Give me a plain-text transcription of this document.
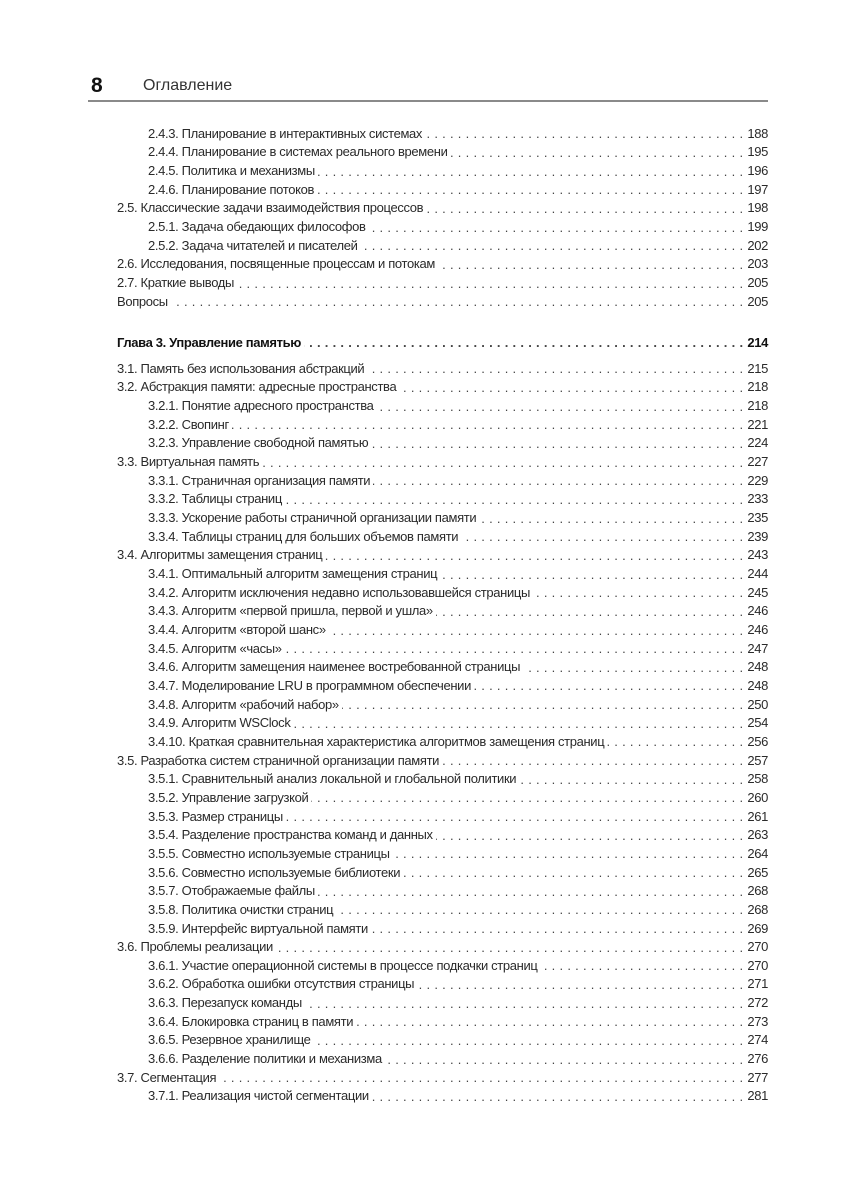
8	Оглавление
2.4.3. Планирование в интерактивных системах . . .	188
2.4.4. Планирование в системах реального времени . . .	195
2.4.5. Политика и механизмы . . .	196
2.4.6. Планирование потоков . . .	197
2.5. Классические задачи взаимодействия процессов . . .	198
2.5.1. Задача обедающих философов . . .	199
2.5.2. Задача читателей и писателей . . .	202
2.6. Исследования, посвященные процессам и потокам . . .	203
2.7. Краткие выводы . . .	205
Вопросы . . .	205
Глава 3. Управление памятью . . .	214
3.1. Память без использования абстракций . . .	215
3.2. Абстракция памяти: адресные пространства . . .	218
3.2.1. Понятие адресного пространства . . .	218
3.2.2. Свопинг . . .	221
3.2.3. Управление свободной памятью . . .	224
3.3. Виртуальная память . . .	227
3.3.1. Страничная организация памяти . . .	229
3.3.2. Таблицы страниц . . .	233
3.3.3. Ускорение работы страничной организации памяти . . .	235
3.3.4. Таблицы страниц для больших объемов памяти . . .	239
3.4. Алгоритмы замещения страниц . . .	243
3.4.1. Оптимальный алгоритм замещения страниц . . .	244
3.4.2. Алгоритм исключения недавно использовавшейся страницы . . .	245
3.4.3. Алгоритм «первой пришла, первой и ушла» . . .	246
3.4.4. Алгоритм «второй шанс» . . .	246
3.4.5. Алгоритм «часы» . . .	247
3.4.6. Алгоритм замещения наименее востребованной страницы . . .	248
3.4.7. Моделирование LRU в программном обеспечении . . .	248
3.4.8. Алгоритм «рабочий набор» . . .	250
3.4.9. Алгоритм WSClock . . .	254
3.4.10. Краткая сравнительная характеристика алгоритмов замещения страниц . . .	256
3.5. Разработка систем страничной организации памяти . . .	257
3.5.1. Сравнительный анализ локальной и глобальной политики . . .	258
3.5.2. Управление загрузкой . . .	260
3.5.3. Размер страницы . . .	261
3.5.4. Разделение пространства команд и данных . . .	263
3.5.5. Совместно используемые страницы . . .	264
3.5.6. Совместно используемые библиотеки . . .	265
3.5.7. Отображаемые файлы . . .	268
3.5.8. Политика очистки страниц . . .	268
3.5.9. Интерфейс виртуальной памяти . . .	269
3.6. Проблемы реализации . . .	270
3.6.1. Участие операционной системы в процессе подкачки страниц . . .	270
3.6.2. Обработка ошибки отсутствия страницы . . .	271
3.6.3. Перезапуск команды . . .	272
3.6.4. Блокировка страниц в памяти . . .	273
3.6.5. Резервное хранилище . . .	274
3.6.6. Разделение политики и механизма . . .	276
3.7. Сегментация . . .	277
3.7.1. Реализация чистой сегментации . . .	281
